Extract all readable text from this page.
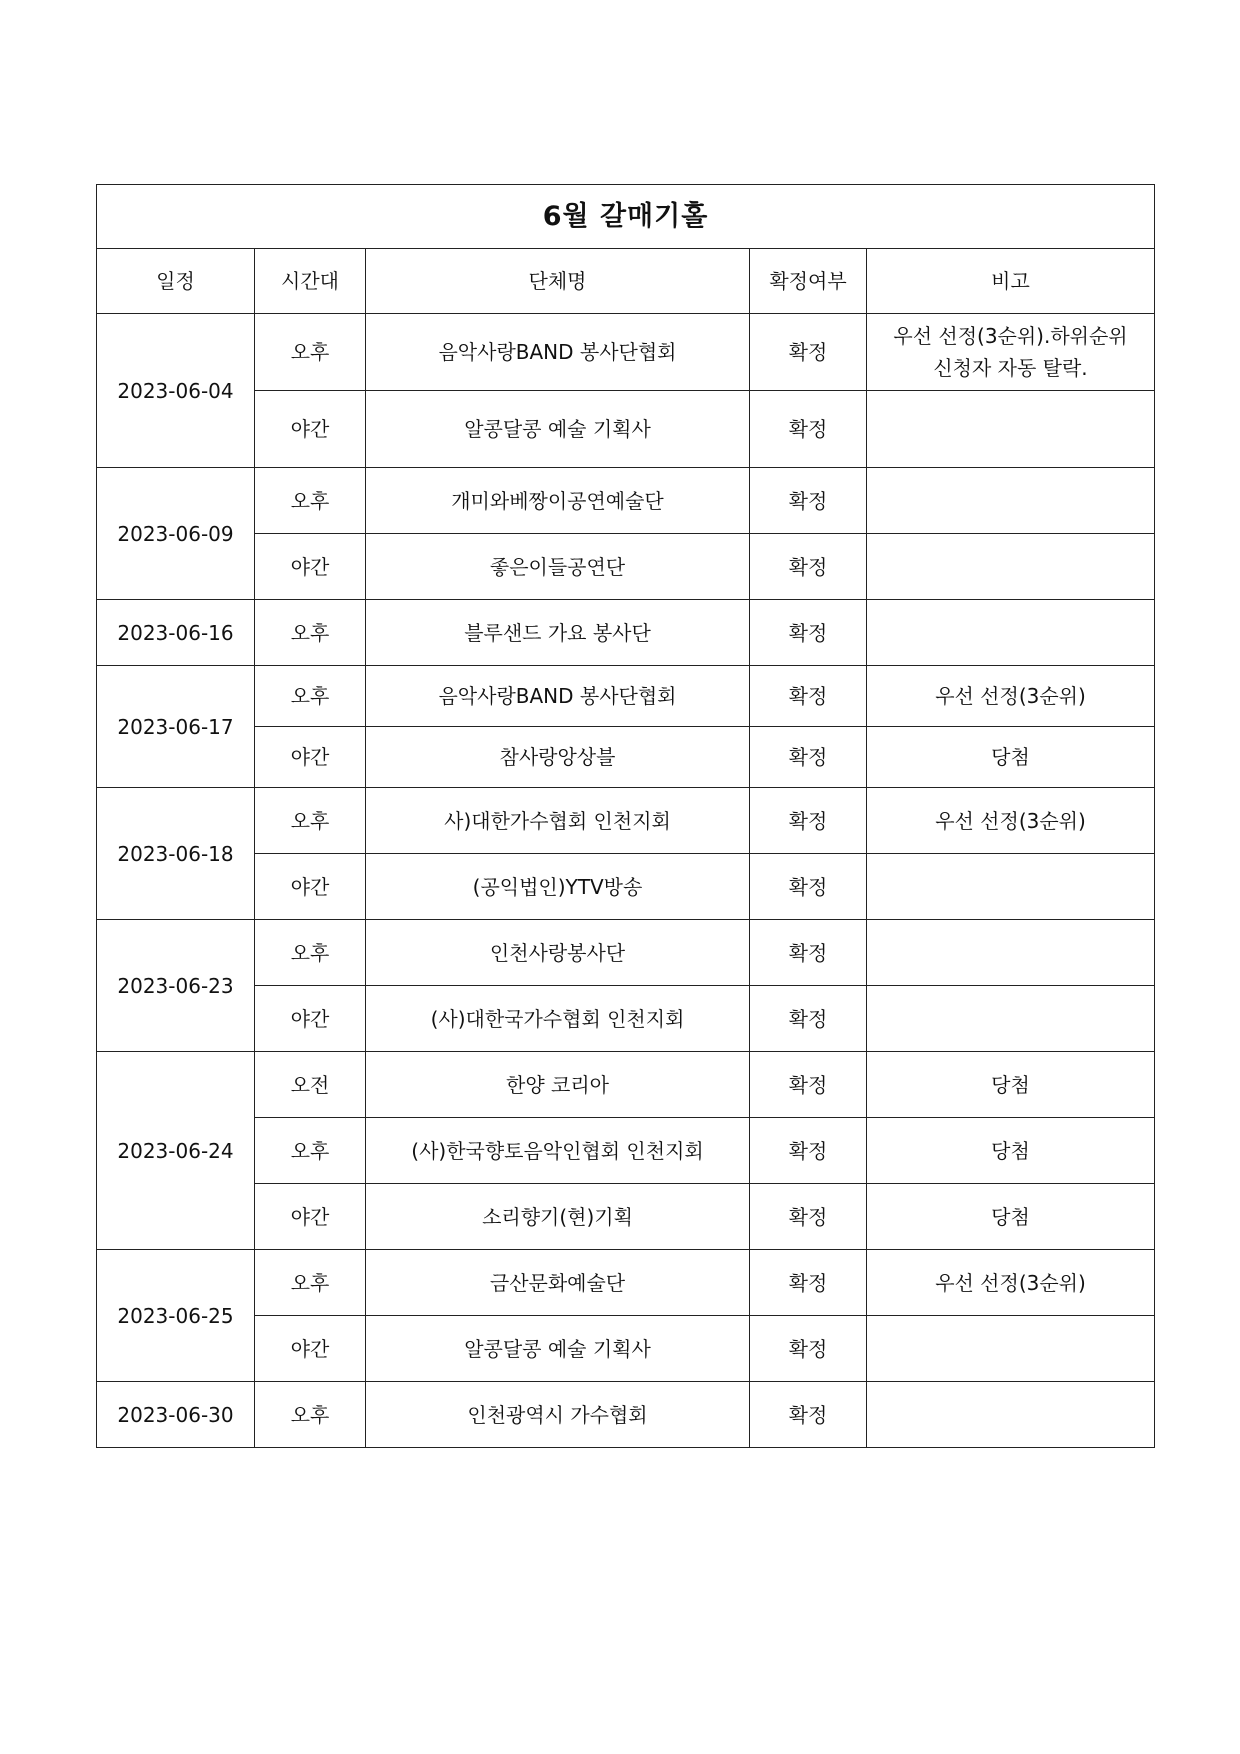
6월 갈매기홀				
일정	시간대	단체명	확정여부	비고
2023-06-04	오후	음악사랑BAND 봉사단협회	확정	우선 선정(3순위).하위순위
신청자 자동 탈락.

	야간	알콩달콩 예술 기획사	확정	
2023-06-09	오후	개미와베짱이공연예술단	확정	
	야간	좋은이들공연단	확정	
2023-06-16	오후	블루샌드 가요 봉사단	확정	
2023-06-17	오후	음악사랑BAND 봉사단협회	확정	우선 선정(3순위)

	야간	참사랑앙상블	확정	당첨

2023-06-18	오후	사)대한가수협회 인천지회	확정	우선 선정(3순위)

	야간	(공익법인)YTV방송	확정	
2023-06-23	오후	인천사랑봉사단	확정	
	야간	(사)대한국가수협회 인천지회	확정	
2023-06-24	오전	한양 코리아	확정	당첨

	오후	(사)한국향토음악인협회 인천지회	확정	당첨

	야간	소리향기(현)기획	확정	당첨

2023-06-25	오후	금산문화예술단	확정	우선 선정(3순위)

	야간	알콩달콩 예술 기획사	확정	
2023-06-30	오후	인천광역시 가수협회	확정	
